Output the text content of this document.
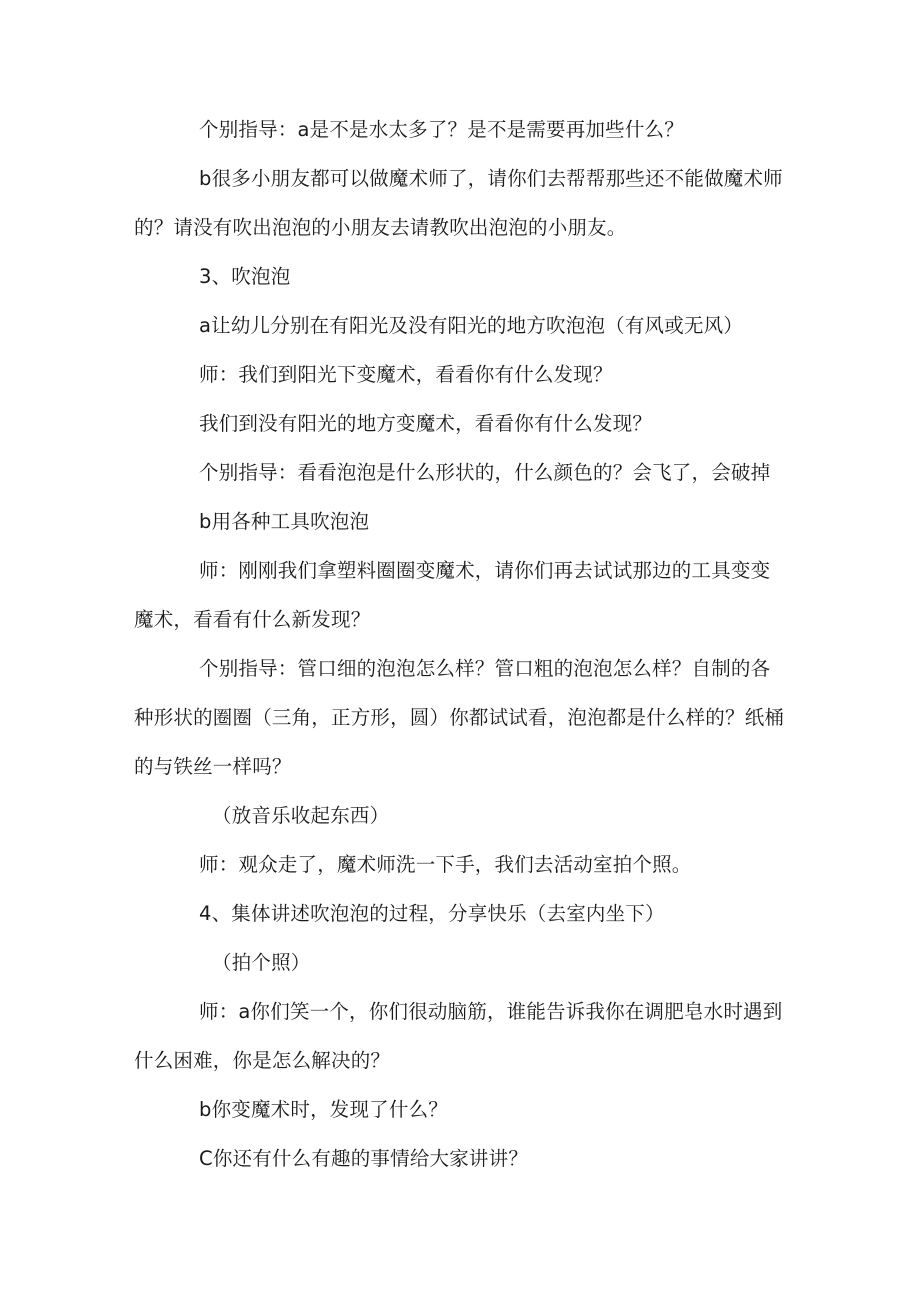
个别指导：a是不是水太多了？是不是需要再加些什么？
b很多小朋友都可以做魔术师了，请你们去帮帮那些还不能做魔术师
的？请没有吹出泡泡的小朋友去请教吹出泡泡的小朋友。
3、吹泡泡
a让幼儿分别在有阳光及没有阳光的地方吹泡泡（有风或无风）
师：我们到阳光下变魔术，看看你有什么发现？
我们到没有阳光的地方变魔术，看看你有什么发现？
个别指导：看看泡泡是什么形状的，什么颜色的？会飞了，会破掉
b用各种工具吹泡泡
师：刚刚我们拿塑料圈圈变魔术，请你们再去试试那边的工具变变
魔术，看看有什么新发现？
个别指导：管口细的泡泡怎么样？管口粗的泡泡怎么样？自制的各
种形状的圈圈（三角，正方形，圆）你都试试看，泡泡都是什么样的？纸桶
的与铁丝一样吗？
（放音乐收起东西）
师：观众走了，魔术师洗一下手，我们去活动室拍个照。
4、集体讲述吹泡泡的过程，分享快乐（去室内坐下）
（拍个照）
师：a你们笑一个，你们很动脑筋，谁能告诉我你在调肥皂水时遇到
什么困难，你是怎么解决的？
b你变魔术时，发现了什么？
C你还有什么有趣的事情给大家讲讲？
